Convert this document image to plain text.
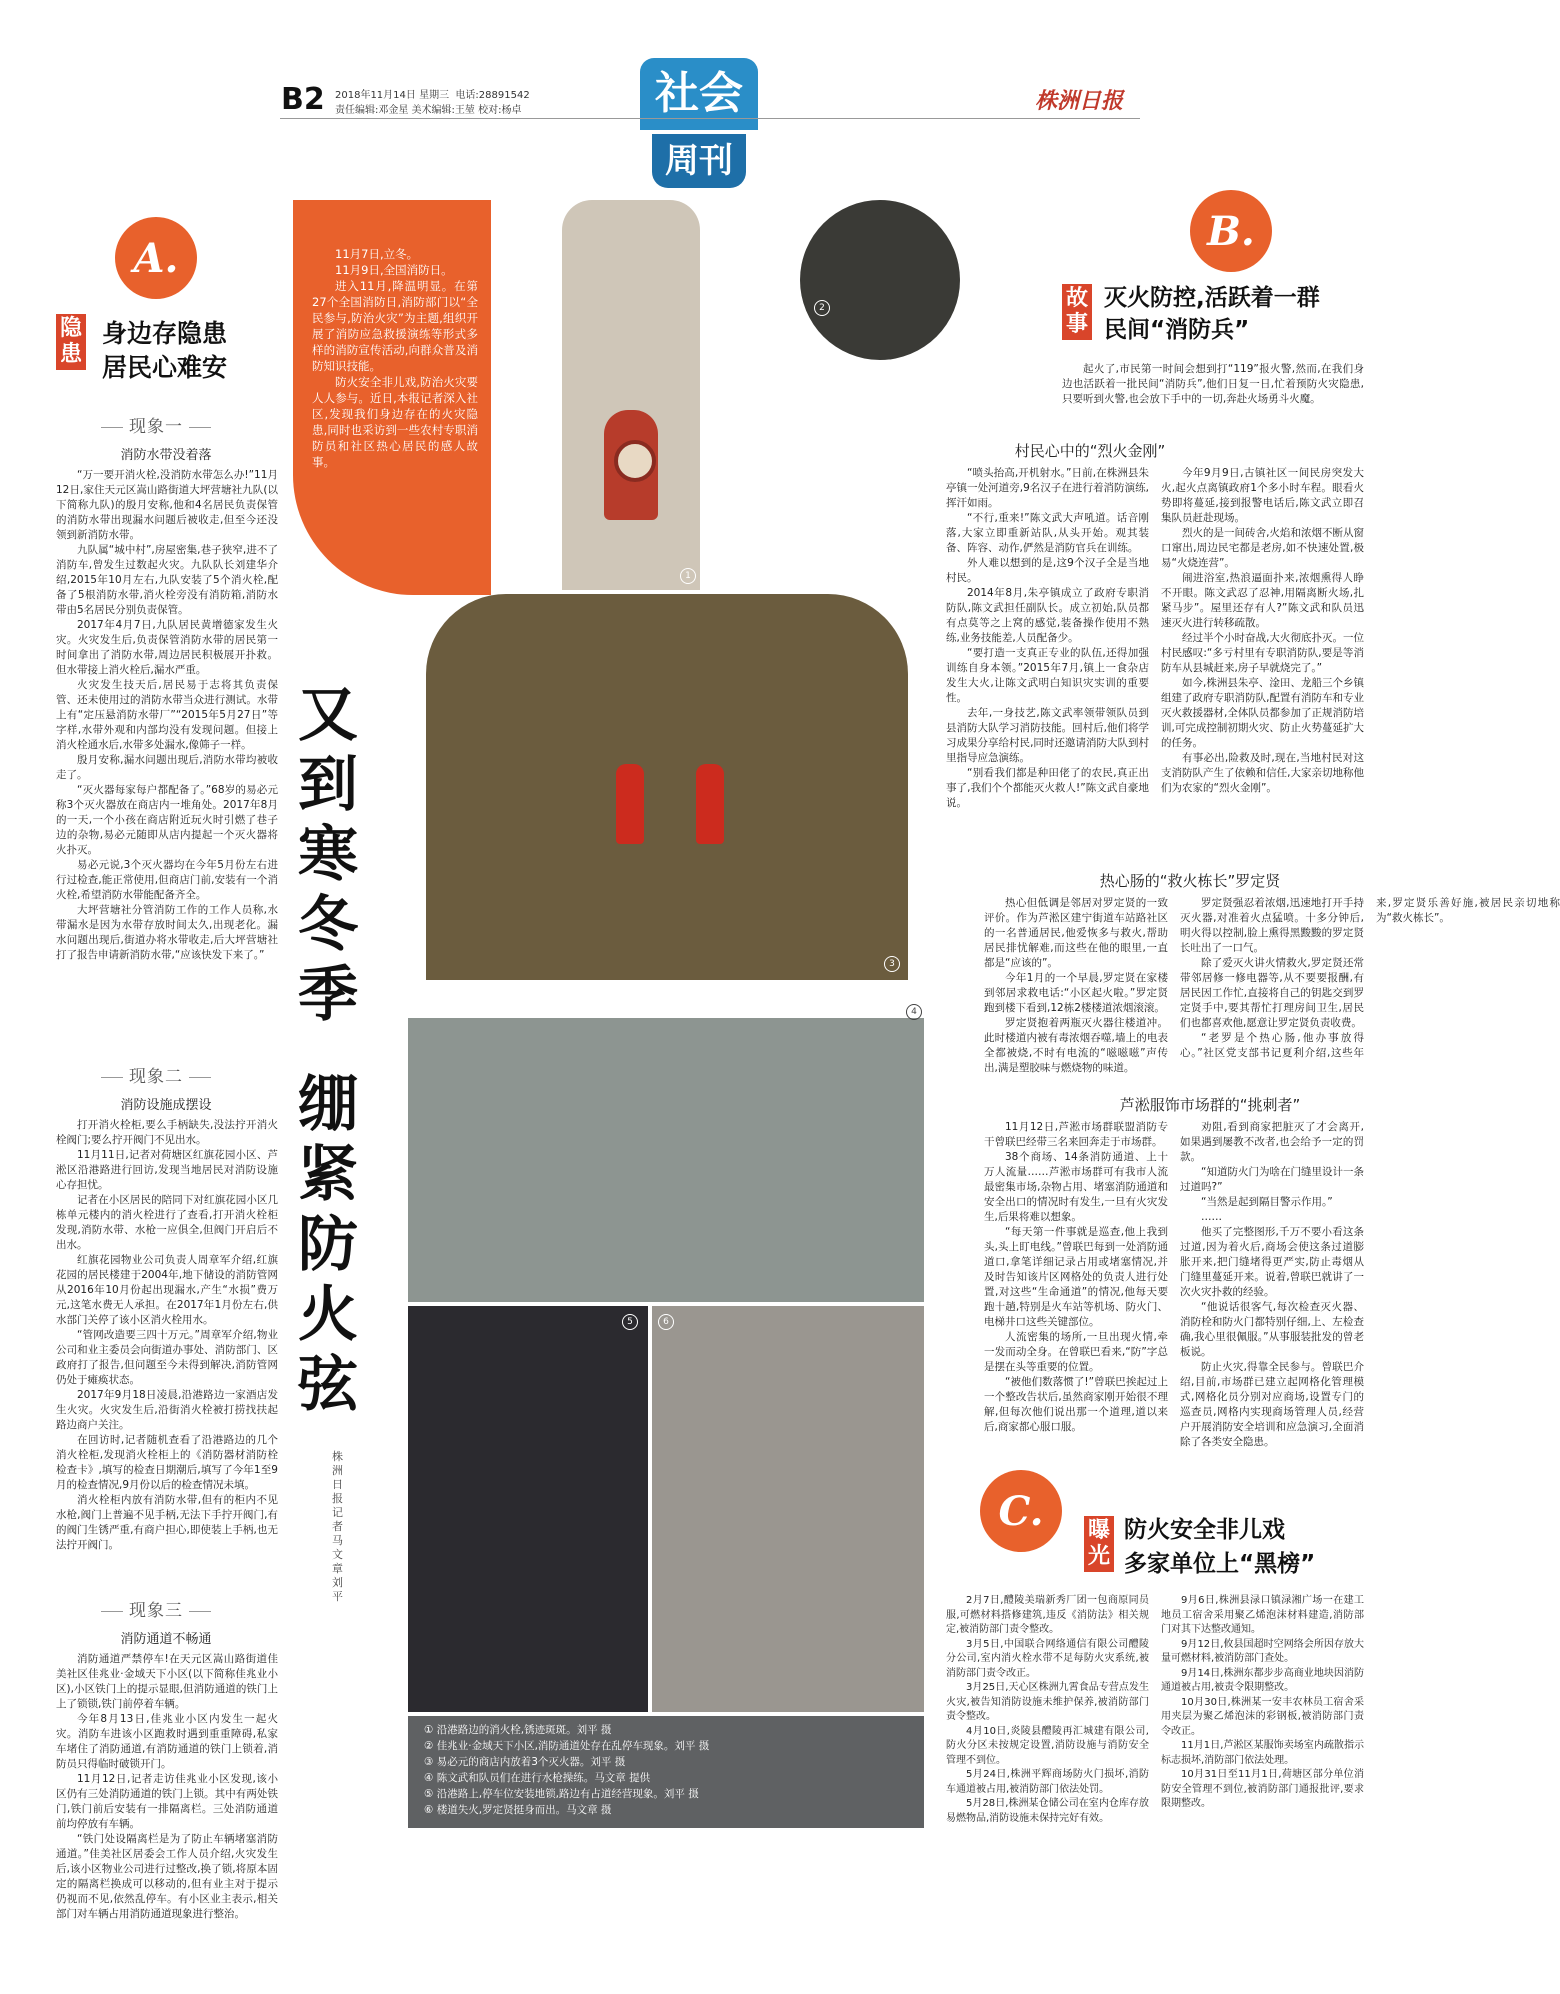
B2 2018年11月14日 星期三 电话:28891542
责任编辑:邓金星 美术编辑:王堃 校对:杨卓	社会
周刊
株洲日报
A.
隐患
身边存隐患
居民心难安
现象一
消防水带没着落

“万一要开消火栓,没消防水带怎么办!”11月12日,家住天元区嵩山路街道大坪营塘社九队(以下简称九队)的殷月安称,他和4名居民负责保管的消防水带出现漏水问题后被收走,但至今还没领到新消防水带。

九队属“城中村”,房屋密集,巷子狭窄,进不了消防车,曾发生过数起火灾。九队队长刘建华介绍,2015年10月左右,九队安装了5个消火栓,配备了5根消防水带,消火栓旁没有消防箱,消防水带由5名居民分别负责保管。

2017年4月7日,九队居民黄增德家发生火灾。火灾发生后,负责保管消防水带的居民第一时间拿出了消防水带,周边居民积极展开扑救。但水带接上消火栓后,漏水严重。

火灾发生技天后,居民易于志将其负责保管、还未使用过的消防水带当众进行测试。水带上有“定压悬消防水带厂”“2015年5月27日”等字样,水带外观和内部均没有发现问题。但接上消火栓通水后,水带多处漏水,像筛子一样。

殷月安称,漏水问题出现后,消防水带均被收走了。

“灭火器每家每户都配备了。”68岁的易必元称3个灭火器放在商店内一堆角处。2017年8月的一天,一个小孩在商店附近玩火时引燃了巷子边的杂物,易必元随即从店内提起一个灭火器将火扑灭。

易必元说,3个灭火器均在今年5月份左右进行过检查,能正常使用,但商店门前,安装有一个消火栓,希望消防水带能配备齐全。

大坪营塘社分管消防工作的工作人员称,水带漏水是因为水带存放时间太久,出现老化。漏水问题出现后,街道办将水带收走,后大坪营塘社打了报告申请新消防水带,“应该快发下来了。”

现象二
消防设施成摆设

打开消火栓柜,要么手柄缺失,没法拧开消火栓阀门;要么拧开阀门不见出水。

11月11日,记者对荷塘区红旗花园小区、芦淞区沿港路进行回访,发现当地居民对消防设施心存担忧。

记者在小区居民的陪同下对红旗花园小区几栋单元楼内的消火栓进行了查看,打开消火栓柜发现,消防水带、水枪一应俱全,但阀门开启后不出水。

红旗花园物业公司负责人周章军介绍,红旗花园的居民楼建于2004年,地下储设的消防管网从2016年10月份起出现漏水,产生“水损”费万元,这笔水费无人承担。在2017年1月份左右,供水部门关停了该小区消火栓用水。

“管网改造要三四十万元。”周章军介绍,物业公司和业主委员会向街道办事处、消防部门、区政府打了报告,但问题至今未得到解决,消防管网仍处于瘫痪状态。

2017年9月18日凌晨,沿港路边一家酒店发生火灾。火灾发生后,沿街消火栓被打捞找扶起路边商户关注。

在回访时,记者随机查看了沿港路边的几个消火栓柜,发现消火栓柜上的《消防器材消防栓检查卡》,填写的检查日期潮后,填写了今年1至9月的检查情况,9月份以后的检查情况未填。

消火栓柜内放有消防水带,但有的柜内不见水枪,阀门上普遍不见手柄,无法下手拧开阀门,有的阀门生锈严重,有商户担心,即使装上手柄,也无法拧开阀门。

现象三
消防通道不畅通

消防通道严禁停车!在天元区嵩山路街道佳美社区佳兆业·金域天下小区(以下简称佳兆业小区),小区铁门上的提示显眼,但消防通道的铁门上上了锁锁,铁门前停着车辆。

今年8月13日,佳兆业小区内发生一起火灾。消防车进该小区跑救时遇到重重障碍,私家车堵住了消防通道,有消防通道的铁门上锁着,消防员只得临时破锁开门。

11月12日,记者走访佳兆业小区发现,该小区仍有三处消防通道的铁门上锁。其中有两处铁门,铁门前后安装有一排隔离栏。三处消防通道前均停放有车辆。

“铁门处设隔离栏是为了防止车辆堵塞消防通道。”佳美社区居委会工作人员介绍,火灾发生后,该小区物业公司进行过整改,换了锁,将原本固定的隔离栏换成可以移动的,但有业主对于提示仍视而不见,依然乱停车。有小区业主表示,相关部门对车辆占用消防通道现象进行整治。

11月7日,立冬。

11月9日,全国消防日。

进入11月,降温明显。在第27个全国消防日,消防部门以“全民参与,防治火灾”为主题,组织开展了消防应急救援演练等形式多样的消防宣传活动,向群众普及消防知识技能。

防火安全非儿戏,防治火灾要人人参与。近日,本报记者深入社区,发现我们身边存在的火灾隐患,同时也采访到一些农村专职消防员和社区热心居民的感人故事。

又到寒冬季
绷紧防火弦
株洲日报记者 马文章 刘平
1
2
3
4
5	6
① 沿港路边的消火栓,锈迹斑斑。刘平 摄
② 佳兆业·金域天下小区,消防通道处存在乱停车现象。刘平 摄
③ 易必元的商店内放着3个灭火器。刘平 摄
④ 陈文武和队员们在进行水枪操练。马文章 提供
⑤ 沿港路上,停车位安装地锁,路边有占道经营现象。刘平 摄
⑥ 楼道失火,罗定贤挺身而出。马文章 摄
B.
故事
灭火防控,活跃着一群
民间“消防兵”

起火了,市民第一时间会想到打“119”报火警,然而,在我们身边也活跃着一批民间“消防兵”,他们日复一日,忙着预防火灾隐患,只要听到火警,也会放下手中的一切,奔赴火场勇斗火魔。

村民心中的“烈火金刚”

“喷头抬高,开机射水。”日前,在株洲县朱亭镇一处河道旁,9名汉子在进行着消防演练,挥汗如雨。

“不行,重来!”陈文武大声吼道。话音刚落,大家立即重新站队,从头开始。观其装备、阵容、动作,俨然是消防官兵在训练。

外人难以想到的是,这9个汉子全是当地村民。

2014年8月,朱亭镇成立了政府专职消防队,陈文武担任副队长。成立初始,队员都有点莫等之上窝的感觉,装备操作使用不熟练,业务技能差,人员配备少。

“要打造一支真正专业的队伍,还得加强训练自身本领。”2015年7月,镇上一食杂店发生大火,让陈文武明白知识灾实训的重要性。

去年,一身技艺,陈文武率领带领队员到县消防大队学习消防技能。回村后,他们将学习成果分享给村民,同时还邀请消防大队到村里指导应急演练。

“别看我们都是种田佬了的农民,真正出事了,我们个个都能灭火救人!”陈文武自豪地说。

今年9月9日,古镇社区一间民房突发大火,起火点离镇政府1个多小时车程。眼看火势即将蔓延,接到报警电话后,陈文武立即召集队员赶赴现场。

烈火的是一间砖舍,火焰和浓烟不断从窗口窜出,周边民宅都是老房,如不快速处置,极易“火烧连营”。

闹进浴室,热浪逼面扑来,浓烟熏得人睁不开眼。陈文武忍了忍神,用隔离断火场,扎紧马步”。屋里还存有人?”陈文武和队员迅速灭火进行转移疏散。

经过半个小时奋战,大火彻底扑灭。一位村民感叹:“多亏村里有专职消防队,要是等消防车从县城赶来,房子早就烧完了。”

如今,株洲县朱亭、淦田、龙船三个乡镇组建了政府专职消防队,配置有消防车和专业灭火救援器材,全体队员都参加了正规消防培训,可完成控制初期火灾、防止火势蔓延扩大的任务。

有事必出,险救及时,现在,当地村民对这支消防队产生了依赖和信任,大家亲切地称他们为农家的“烈火金刚”。

热心肠的“救火栋长”罗定贤

热心但低调是邻居对罗定贤的一致评价。作为芦淞区建宁街道车站路社区的一名普通居民,他爱恢多与救火,帮助居民排忧解难,而这些在他的眼里,一直都是“应该的”。

今年1月的一个早晨,罗定贤在家楼到邻居求救电话:“小区起火啦。”罗定贤跑到楼下看到,12栋2楼楼道浓烟滚滚。

罗定贤抱着两瓶灭火器往楼道冲。此时楼道内被有毒浓烟吞噬,墙上的电表全都被烧,不时有电流的“嗞嗞嗞”声传出,满是塑胶味与燃烧物的味道。

罗定贤强忍着浓烟,迅速地打开手持灭火器,对准着火点猛喷。十多分钟后,明火得以控制,脸上熏得黑黢黢的罗定贤长吐出了一口气。

除了爱灭火讲火情救火,罗定贤还常带邻居修一修电器等,从不要要报酬,有居民因工作忙,直接将自己的钥匙交到罗定贤手中,要其帮忙打理房间卫生,居民们也都喜欢他,愿意让罗定贤负责收费。

“老罗是个热心肠,他办事放得心。”社区党支部书记夏利介绍,这些年来,罗定贤乐善好施,被居民亲切地称为“救火栋长”。

芦淞服饰市场群的“挑刺者”

11月12日,芦淞市场群联盟消防专干曾联巴经带三名来回奔走于市场群。

38个商场、14条消防通道、上十万人流量……芦淞市场群可有我市人流最密集市场,杂物占用、堵塞消防通道和安全出口的情况时有发生,一旦有火灾发生,后果将难以想象。

“每天第一件事就是巡查,他上我到头,头上盯电线。”曾联巴每到一处消防通道口,拿笔详细记录占用或堵塞情况,并及时告知该片区网格处的负责人进行处置,对这些“生命通道”的情况,他每天要跑十趟,特别是火车站等机场、防火门、电梯井口这些关键部位。

人流密集的场所,一旦出现火情,牵一发而动全身。在曾联巴看来,“防”字总是摆在头等重要的位置。

“被他们数落惯了!”曾联巴挨起过上一个整改告状后,虽然商家刚开始很不理解,但每次他们说出那一个道理,道以来后,商家都心服口服。

劝阻,看到商家把脏灭了才会离开,如果遇到屡教不改者,也会给予一定的罚款。

“知道防火门为啥在门缝里设计一条过道吗?”

“当然是起到隔目警示作用。”

……

他买了完整图形,千万不要小看这条过道,因为着火后,商场会使这条过道膨胀开来,把门缝堵得更严实,防止毒烟从门缝里蔓延开来。说着,曾联巴就讲了一次火灾扑救的经验。

“他说话很客气,每次检查灭火器、消防栓和防火门都特别仔细,上、左检查确,我心里很佩服。”从事服装批发的曾老板说。

防止火灾,得靠全民参与。曾联巴介绍,目前,市场群已建立起网格化管理模式,网格化员分别对应商场,设置专门的巡查员,网格内实现商场管理人员,经营户开展消防安全培训和应急演习,全面消除了各类安全隐患。

C.	曝光
防火安全非儿戏
多家单位上“黑榜”

2月7日,醴陵美瑞新秀厂团一包商原同员服,可燃材料搭修建筑,违反《消防法》相关规定,被消防部门责令整改。

3月5日,中国联合网络通信有限公司醴陵分公司,室内消火栓水带不足每防火灾系统,被消防部门责令改正。

3月25日,天心区株洲九霄食品专营点发生火灾,被告知消防设施未维护保养,被消防部门责令整改。

4月10日,炎陵县醴陵再汇城建有限公司,防火分区未按规定设置,消防设施与消防安全管理不到位。

5月24日,株洲平辉商场防火门损坏,消防车通道被占用,被消防部门依法处罚。

5月28日,株洲某仓储公司在室内仓库存放易燃物品,消防设施未保持完好有效。

9月6日,株洲县渌口镇渌湘广场一在建工地员工宿舍采用聚乙烯泡沫材料建造,消防部门对其下达整改通知。

9月12日,攸县国超时空网络会所因存放大量可燃材料,被消防部门查处。

9月14日,株洲东都步步高商业地块因消防通道被占用,被责令限期整改。

10月30日,株洲某一安丰农林员工宿舍采用夹层为聚乙烯泡沫的彩钢板,被消防部门责令改正。

11月1日,芦淞区某服饰卖场室内疏散指示标志损坏,消防部门依法处理。

10月31日至11月1日,荷塘区部分单位消防安全管理不到位,被消防部门通报批评,要求限期整改。
